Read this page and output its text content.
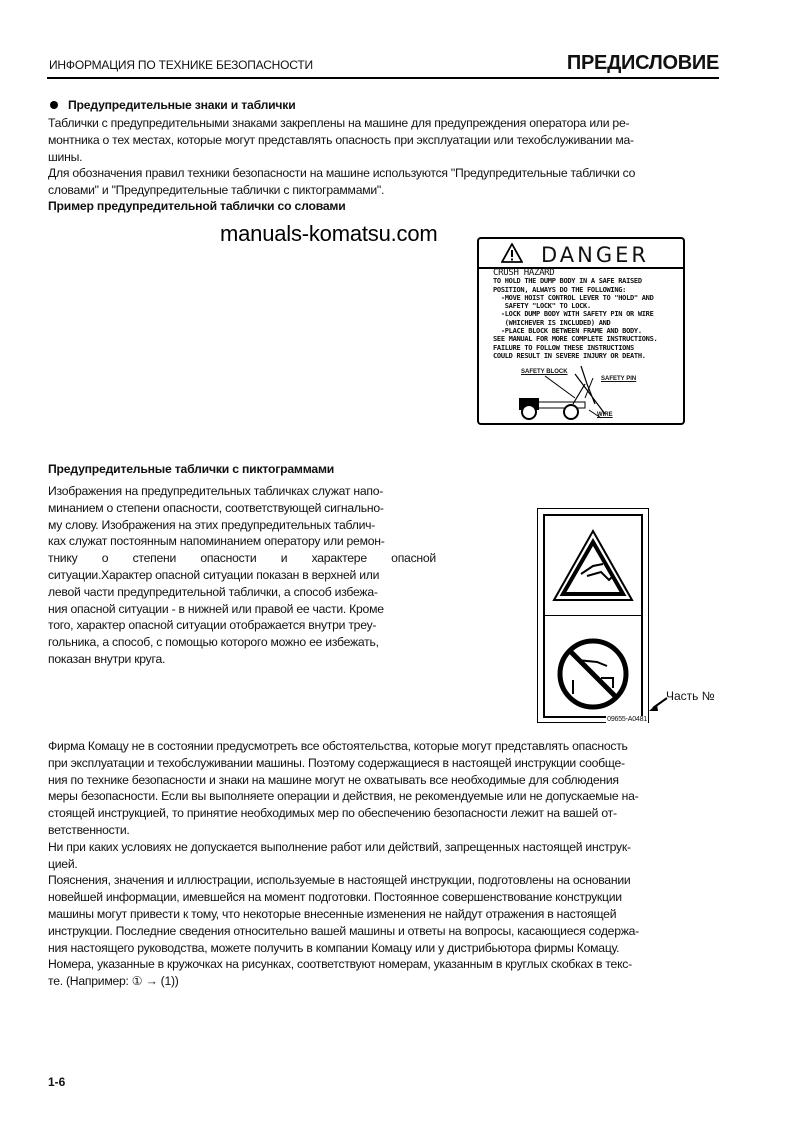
ИНФОРМАЦИЯ ПО ТЕХНИКЕ БЕЗОПАСНОСТИ	ПРЕДИСЛОВИЕ
Предупредительные знаки и таблички
Таблички с предупредительными знаками закреплены на машине для предупреждения оператора или ре-
монтника о тех местах, которые могут представлять опасность при эксплуатации или техобслуживании ма-
шины.
Для обозначения правил техники безопасности на машине используются "Предупредительные таблички со
словами" и "Предупредительные таблички с пиктограммами".
Пример предупредительной таблички со словами
manuals-komatsu.com
DANGER
CRUSH HAZARD
TO HOLD THE DUMP BODY IN A SAFE RAISED
POSITION, ALWAYS DO THE FOLLOWING:
-MOVE HOIST CONTROL LEVER TO "HOLD" AND
SAFETY "LOCK" TO LOCK.
-LOCK DUMP BODY WITH SAFETY PIN OR WIRE
(WHICHEVER IS INCLUDED) AND
-PLACE BLOCK BETWEEN FRAME AND BODY.
SEE MANUAL FOR MORE COMPLETE INSTRUCTIONS.
FAILURE TO FOLLOW THESE INSTRUCTIONS
COULD RESULT IN SEVERE INJURY OR DEATH.
SAFETY BLOCK
SAFETY PIN
WIRE
Предупредительные таблички с пиктограммами
Изображения на предупредительных табличках служат напо-
минанием о степени опасности, соответствующей сигнально-
му слову. Изображения на этих предупредительных таблич-
ках служат постоянным напоминанием оператору или ремон-
тнику о степени опасности и характере опасной
ситуации.Характер опасной ситуации показан в верхней или
левой части предупредительной таблички, а способ избежа-
ния опасной ситуации - в нижней или правой ее части. Кроме
того, характер опасной ситуации отображается внутри треу-
гольника, а способ, с помощью которого можно ее избежать,
показан внутри круга.
09655-A0481
Часть №
Фирма Комацу не в состоянии предусмотреть все обстоятельства, которые могут представлять опасность
при эксплуатации и техобслуживании машины. Поэтому содержащиеся в настоящей инструкции сообще-
ния по технике безопасности и знаки на машине могут не охватывать все необходимые для соблюдения
меры безопасности. Если вы выполняете операции и действия, не рекомендуемые или не допускаемые на-
стоящей инструкцией, то принятие необходимых мер по обеспечению безопасности лежит на вашей от-
ветственности.
Ни при каких условиях не допускается выполнение работ или действий, запрещенных настоящей инструк-
цией.
Пояснения, значения и иллюстрации, используемые в настоящей инструкции, подготовлены на основании
новейшей информации, имевшейся на момент подготовки. Постоянное совершенствование конструкции
машины могут привести к тому, что некоторые внесенные изменения не найдут отражения в настоящей
инструкции. Последние сведения относительно вашей машины и ответы на вопросы, касающиеся содержа-
ния настоящего руководства, можете получить в компании Комацу или у дистрибьютора фирмы Комацу.
Номера, указанные в кружочках на рисунках, соответствуют номерам, указанным в круглых скобках в текс-
те. (Например: ① → (1))
1-6
